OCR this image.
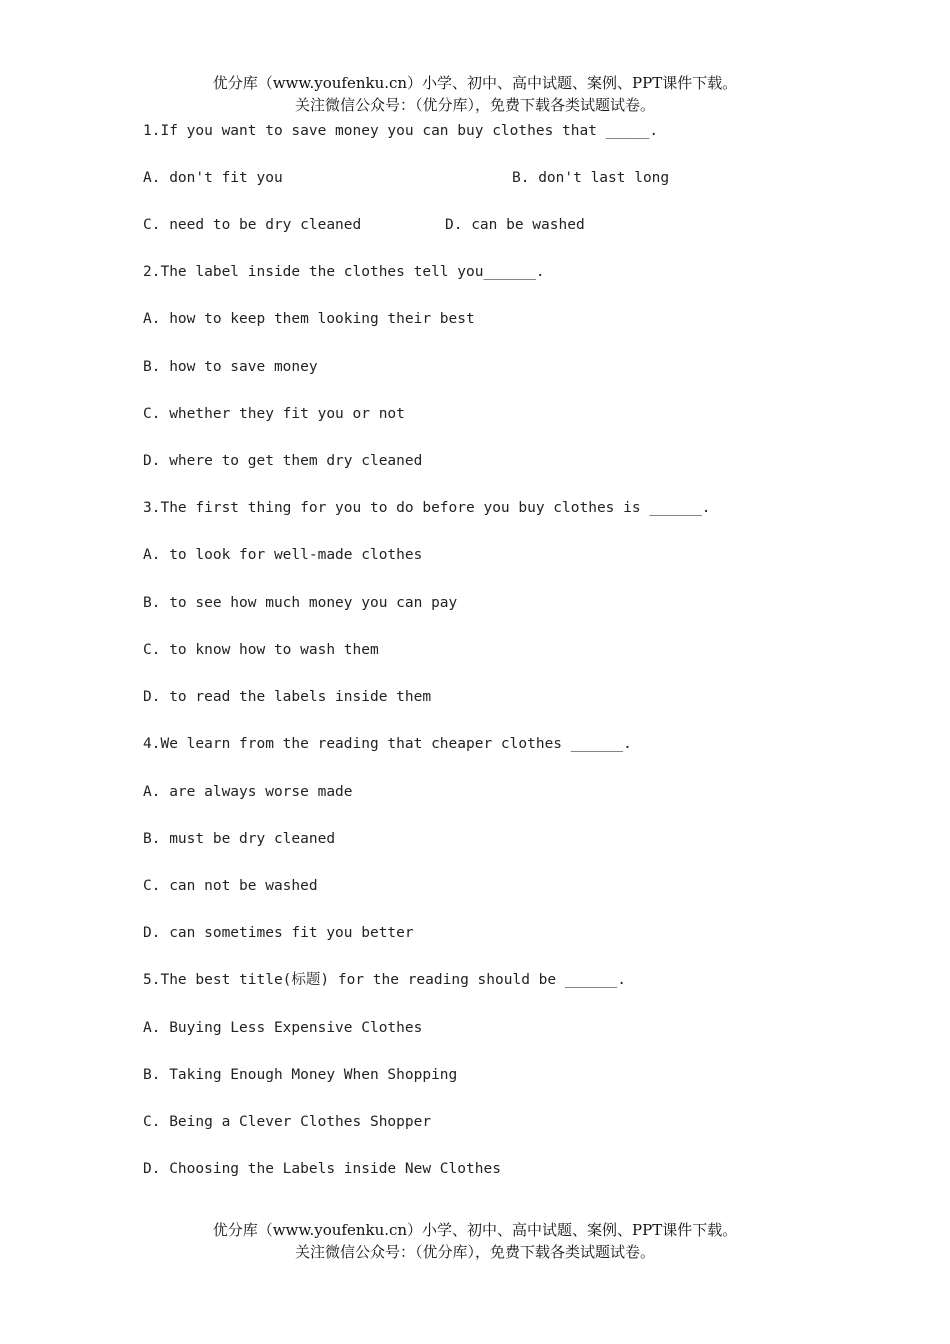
优分库（www.youfenku.cn）小学、初中、高中试题、案例、PPT课件下载。
关注微信公众号：（优分库），免费下载各类试题试卷。
1.If you want to save money you can buy clothes that _____.
A. don't fit you	B. don't last long
C. need to be dry cleaned	D. can be washed
2.The label inside the clothes tell you______.
A. how to keep them looking their best
B. how to save money
C. whether they fit you or not
D. where to get them dry cleaned
3.The first thing for you to do before you buy clothes is ______.
A. to look for well-made clothes
B. to see how much money you can pay
C. to know how to wash them
D. to read the labels inside them
4.We learn from the reading that cheaper clothes ______.
A. are always worse made
B. must be dry cleaned
C. can not be washed
D. can sometimes fit you better
5.The best title(标题) for the reading should be ______.
A. Buying Less Expensive Clothes
B. Taking Enough Money When Shopping
C. Being a Clever Clothes Shopper
D. Choosing the Labels inside New Clothes
优分库（www.youfenku.cn）小学、初中、高中试题、案例、PPT课件下载。
关注微信公众号：（优分库），免费下载各类试题试卷。
